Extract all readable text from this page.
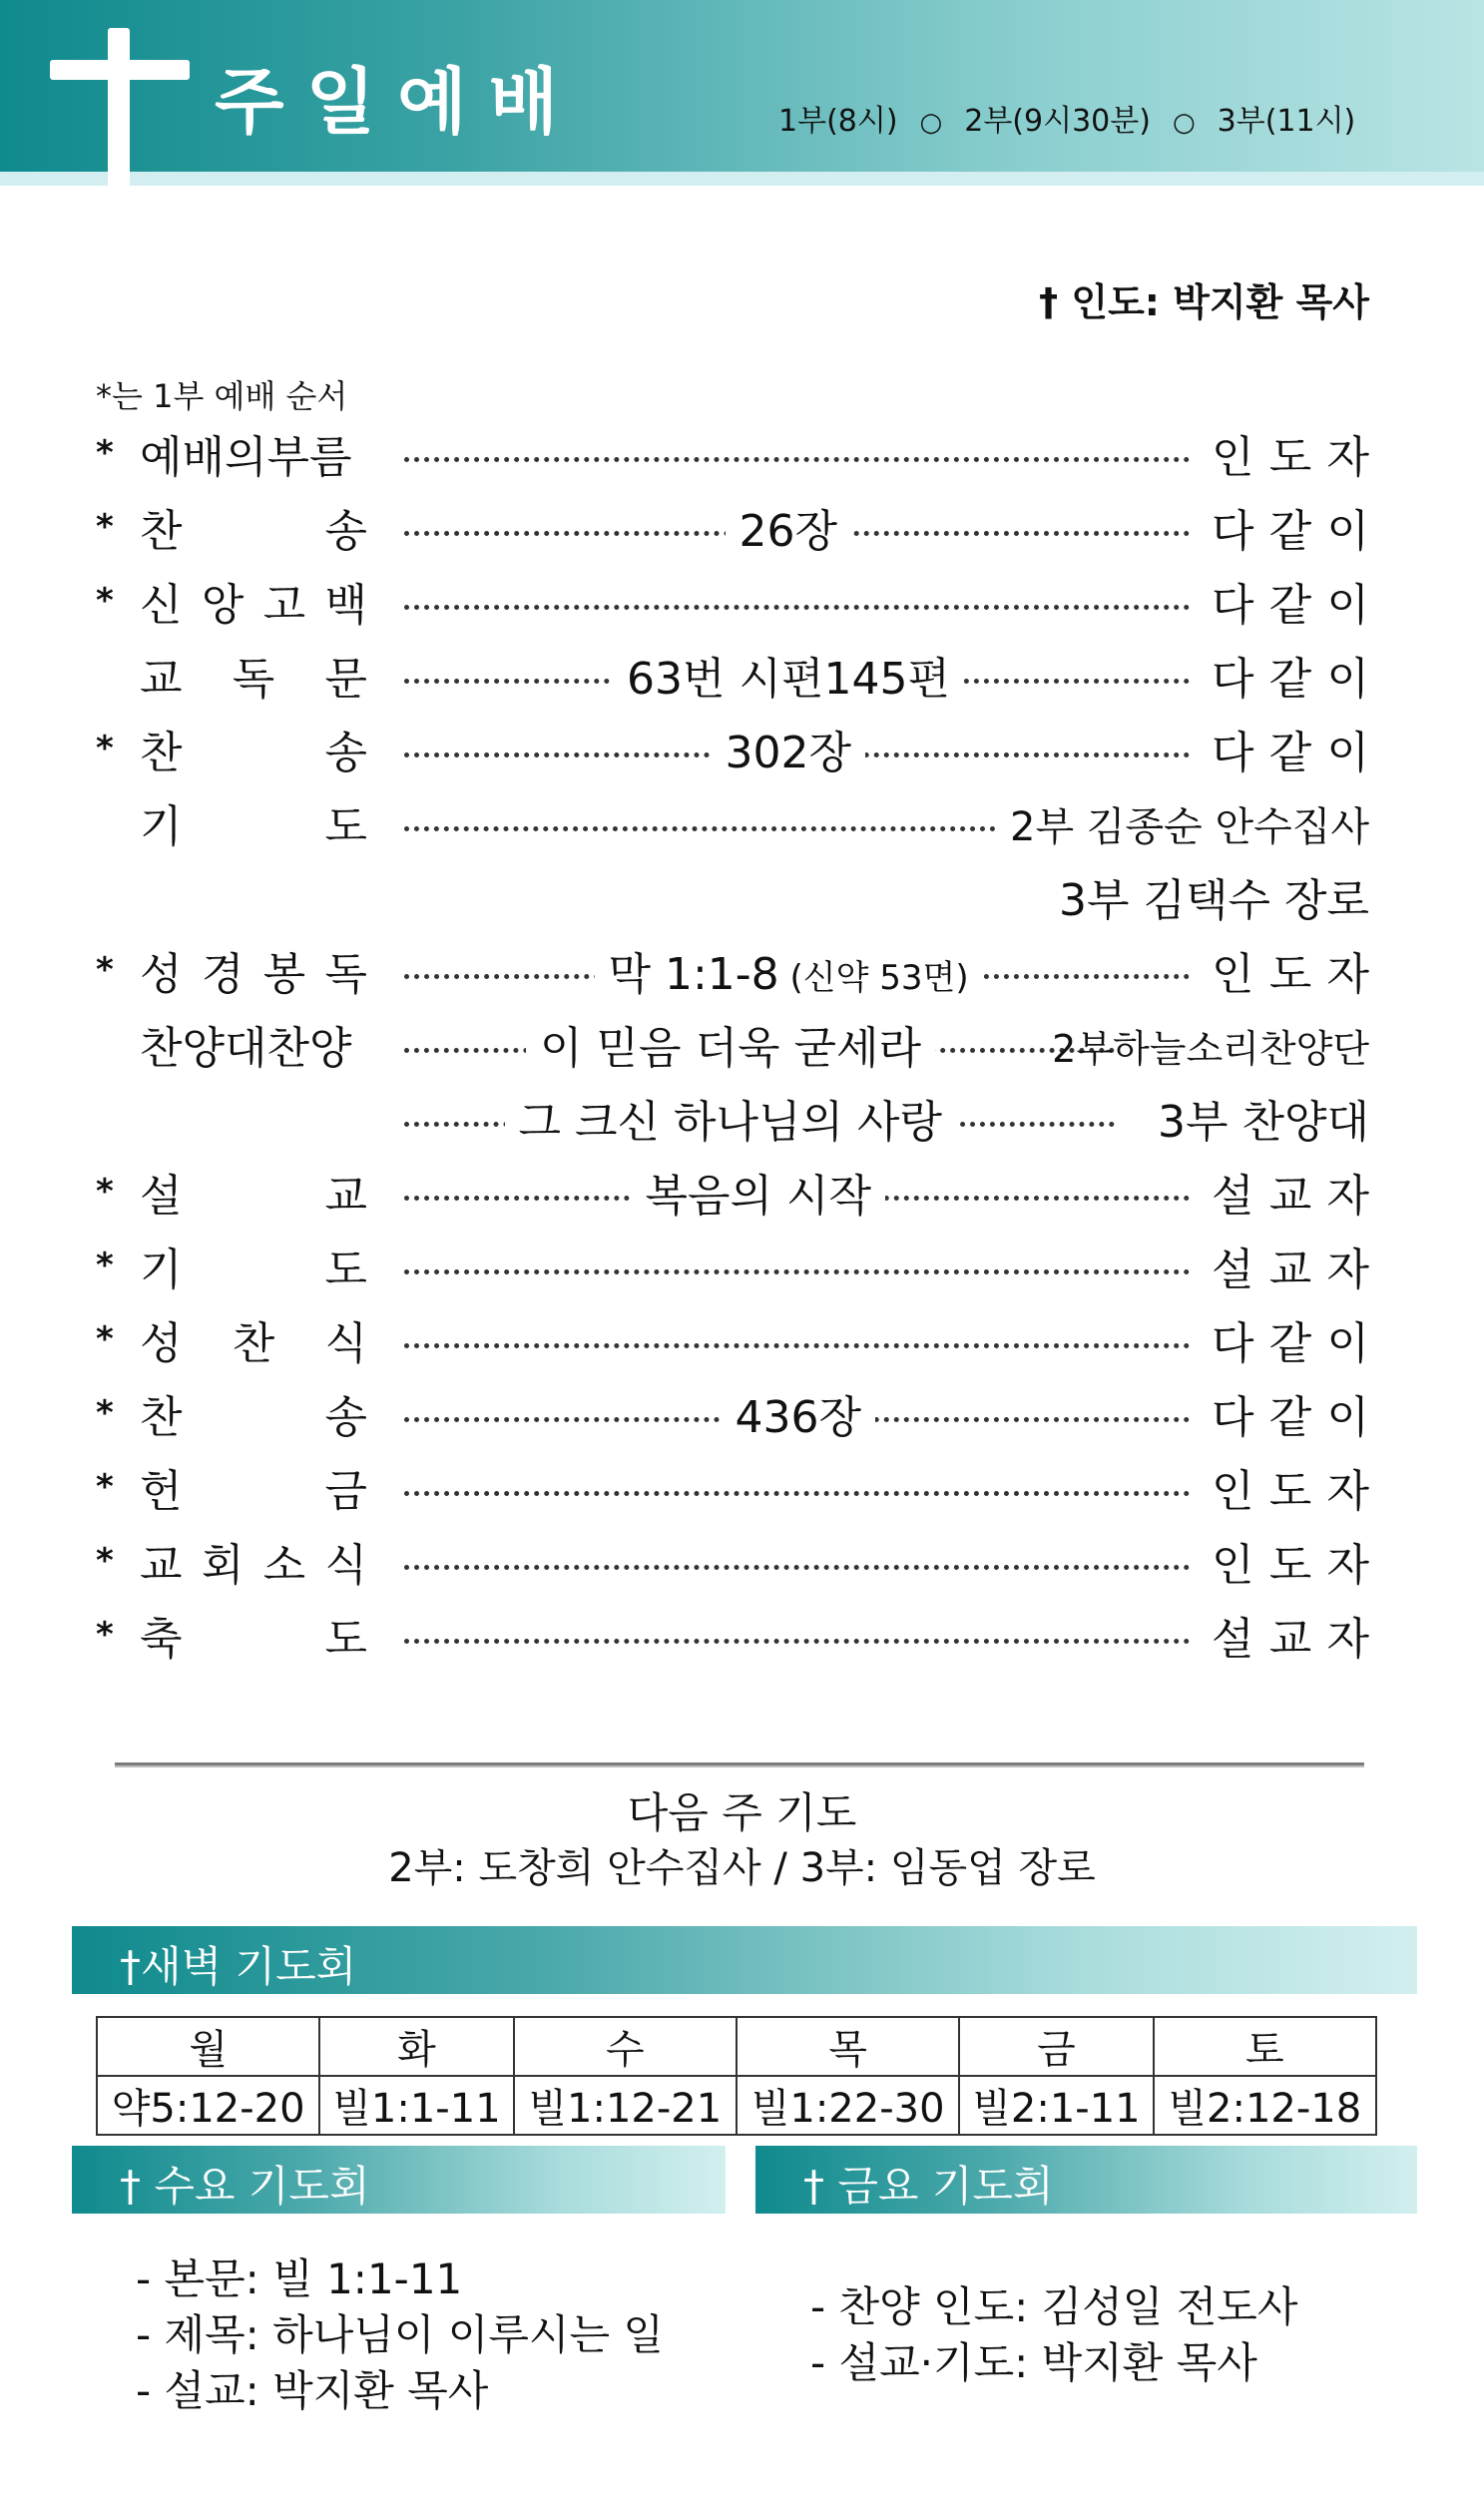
주일예배	1부(8시) ○ 2부(9시30분) ○ 3부(11시)
† 인도: 박지환 목사
*는 1부 예배 순서
* 예배의부름	인 도 자
* 찬	송	26장	다 같 이
* 신 앙 고 백	다 같 이
교 독 문	63번 시편145편	다 같 이
* 찬	송	302장	다 같 이
기	도	2부 김종순 안수집사
3부 김택수 장로
* 성 경 봉 독	막 1:1-8 (신약 53면)	인 도 자
찬양대찬양	이 믿음 더욱 굳세라	2부하늘소리찬양단
그 크신 하나님의 사랑	3부 찬양대
* 설	교	복음의 시작	설 교 자
* 기	도	설 교 자
* 성 찬 식	다 같 이
* 찬	송	436장	다 같 이
* 헌	금	인 도 자
* 교 회 소 식	인 도 자
* 축	도	설 교 자
다음 주 기도
2부: 도창희 안수집사 / 3부: 임동업 장로
†새벽 기도회
월	화	수	목	금	토
약5:12-20	빌1:1-11	빌1:12-21	빌1:22-30	빌2:1-11	빌2:12-18
† 수요 기도회	† 금요 기도회
- 본문: 빌 1:1-11
- 제목: 하나님이 이루시는 일
- 설교: 박지환 목사
- 찬양 인도: 김성일 전도사
- 설교·기도: 박지환 목사
